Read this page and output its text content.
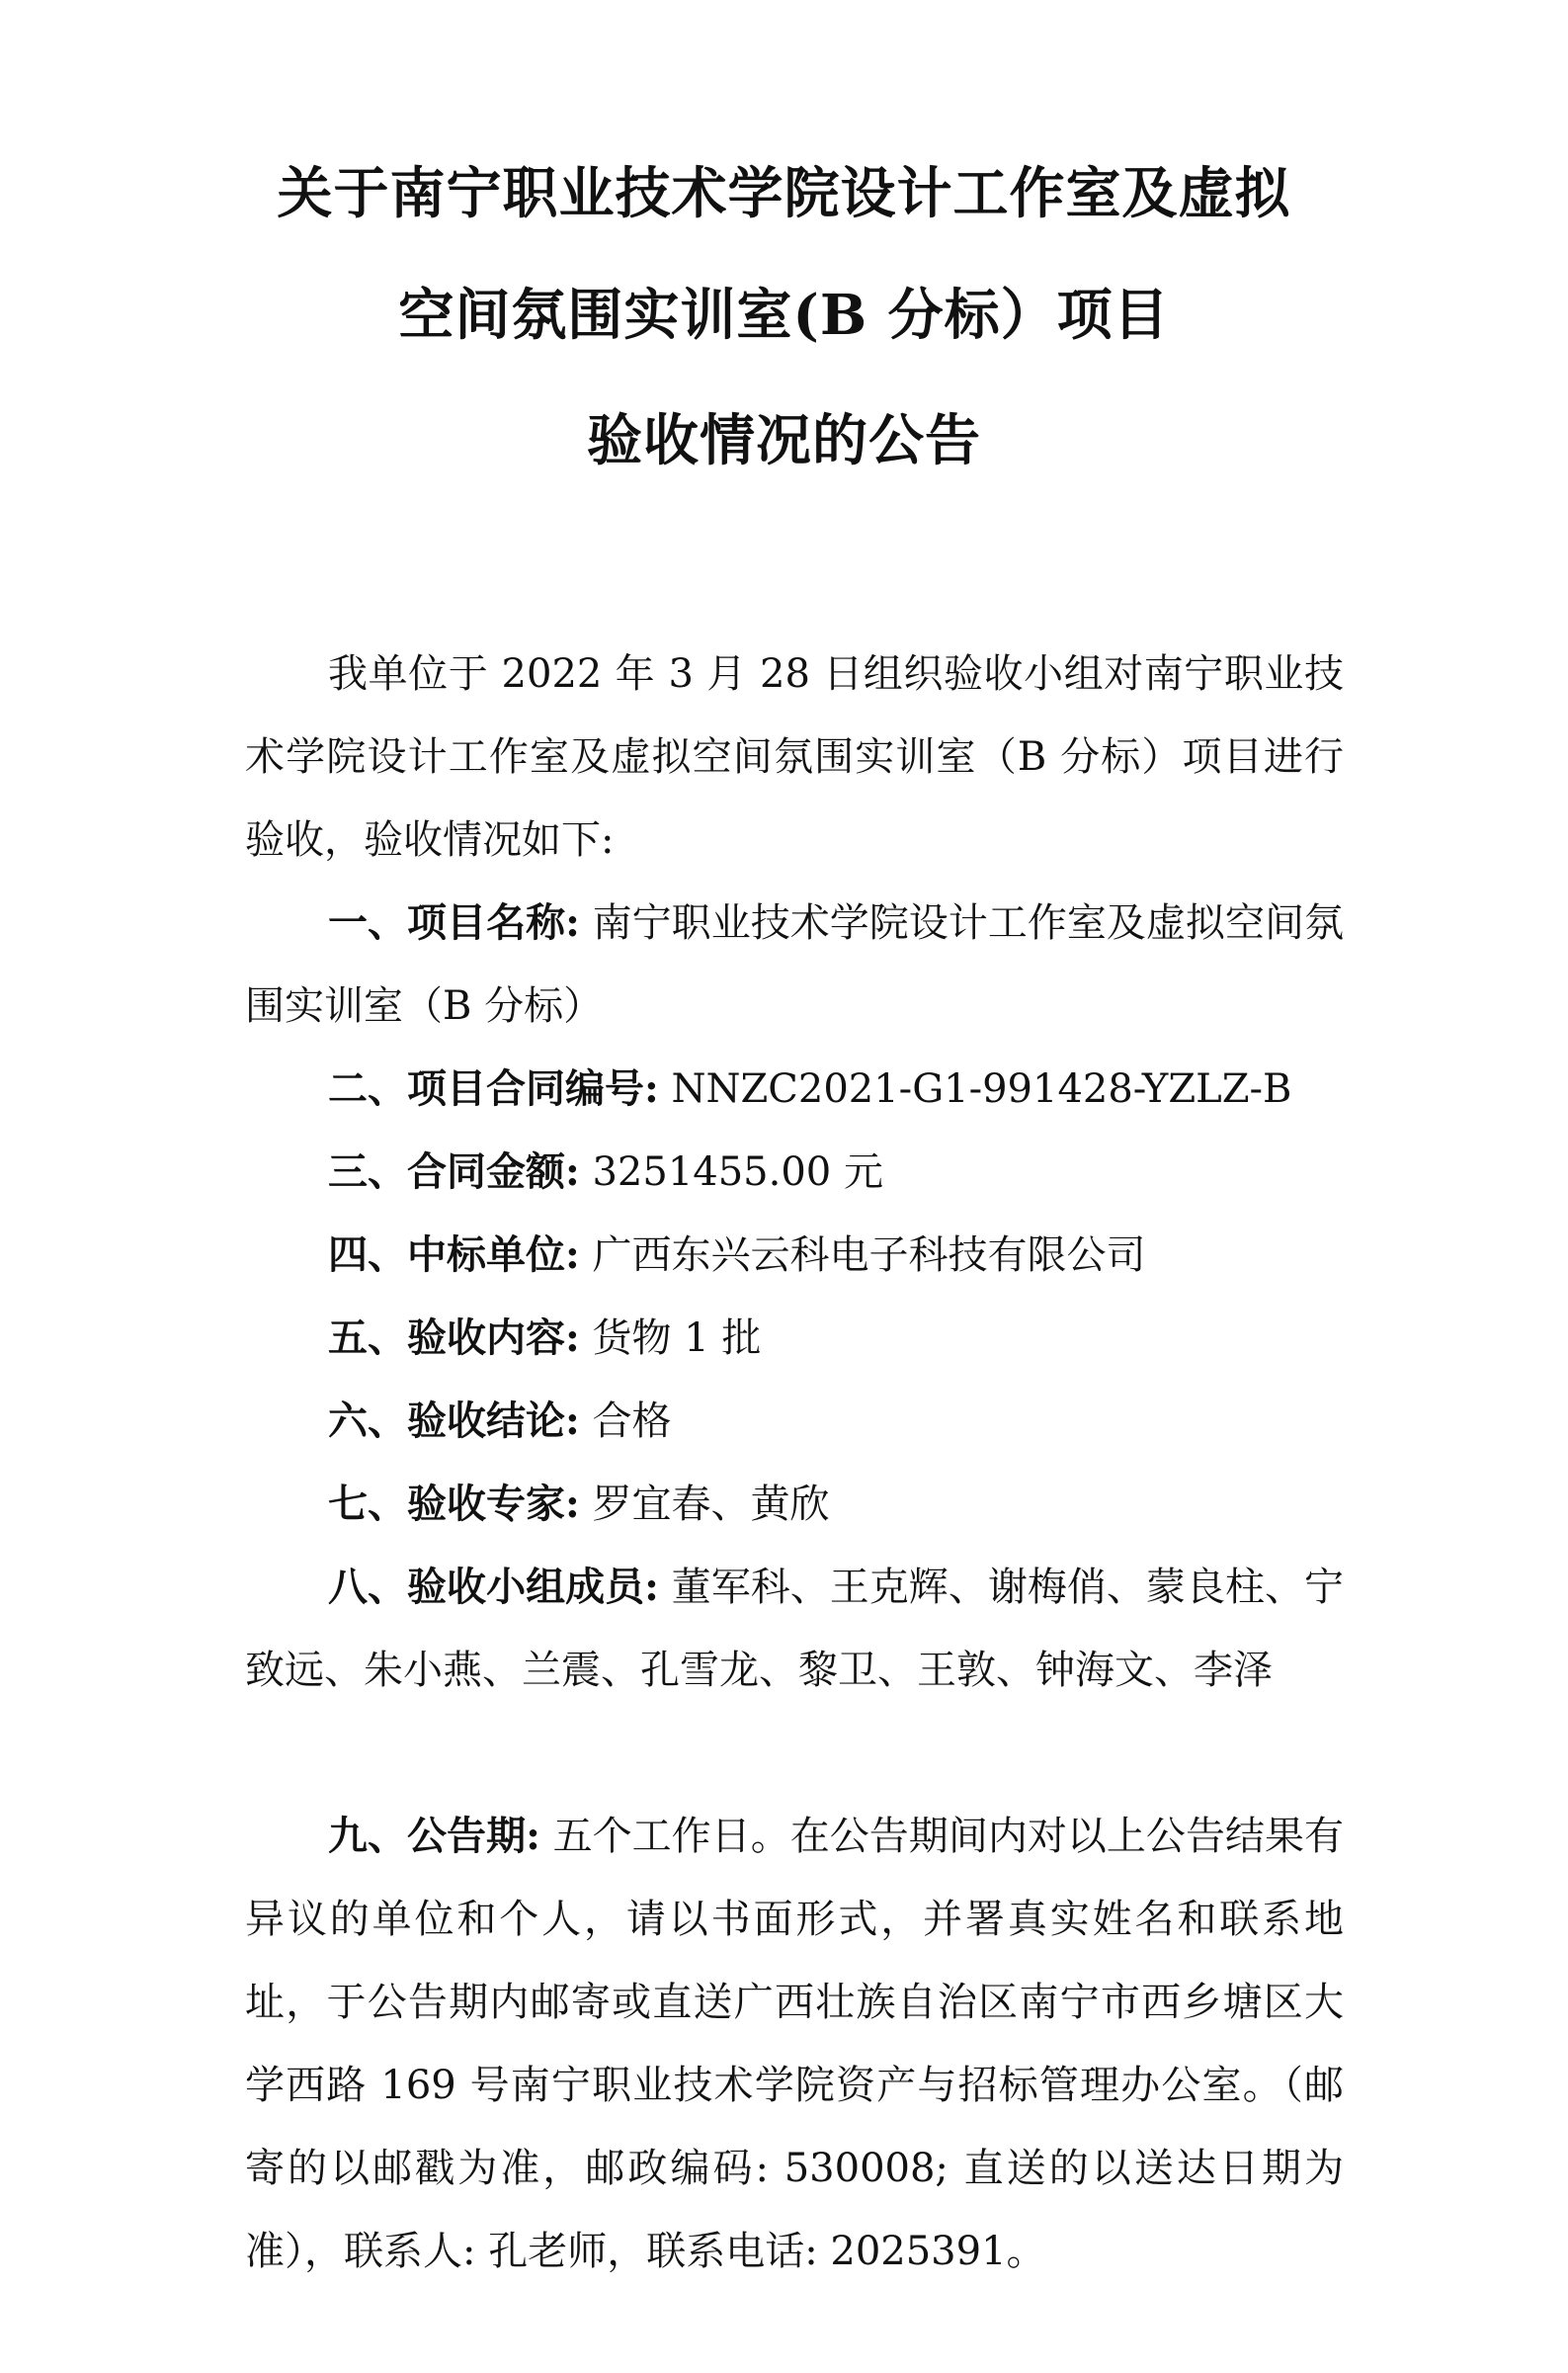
关于南宁职业技术学院设计工作室及虚拟
空间氛围实训室(B 分标）项目
验收情况的公告

我单位于 2022 年 3 月 28 日组织验收小组对南宁职业技术学院设计工作室及虚拟空间氛围实训室（B 分标）项目进行验收，验收情况如下:

一、项目名称: 南宁职业技术学院设计工作室及虚拟空间氛围实训室（B 分标）

二、项目合同编号: NNZC2021-G1-991428-YZLZ-B

三、合同金额: 3251455.00 元

四、中标单位: 广西东兴云科电子科技有限公司

五、验收内容: 货物 1 批

六、验收结论: 合格

七、验收专家: 罗宜春、黄欣

八、验收小组成员: 董军科、王克辉、谢梅俏、蒙良柱、宁致远、朱小燕、兰震、孔雪龙、黎卫、王敦、钟海文、李泽

九、公告期: 五个工作日。在公告期间内对以上公告结果有异议的单位和个人，请以书面形式，并署真实姓名和联系地址，于公告期内邮寄或直送广西壮族自治区南宁市西乡塘区大学西路 169 号南宁职业技术学院资产与招标管理办公室。（邮寄的以邮戳为准，邮政编码: 530008; 直送的以送达日期为准），联系人: 孔老师，联系电话: 2025391。
